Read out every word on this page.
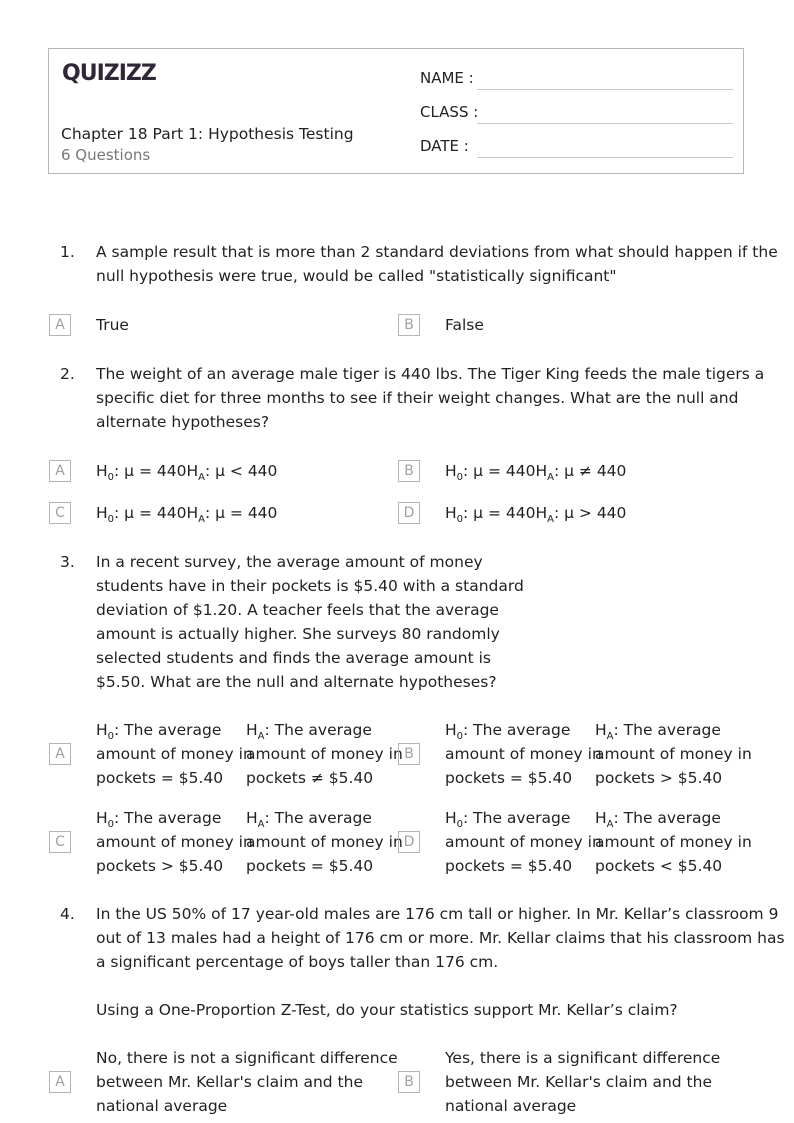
QUIZIZZ
Chapter 18 Part 1: Hypothesis Testing
6 Questions
NAME :
CLASS :
DATE :
1. A sample result that is more than 2 standard deviations from what should happen if the
null hypothesis were true, would be called "statistically significant"
A	True	B	False
2. The weight of an average male tiger is 440 lbs. The Tiger King feeds the male tigers a
specific diet for three months to see if their weight changes. What are the null and
alternate hypotheses?
A	$H_0$: $\mu = 440H_A$: μ < 440	B	$H_0$: $\mu = 440H_A$: μ ≠ 440
C	$H_0$: $\mu = 440H_A$: μ = 440	D	$H_0$: $\mu = 440H_A$: μ > 440
3. In a recent survey, the average amount of money
students have in their pockets is $5.40 with a standard
deviation of $1.20. A teacher feels that the average
amount is actually higher. She surveys 80 randomly
selected students and finds the average amount is
$5.50. What are the null and alternate hypotheses?
A
$H_0$: The average
amount of money in
pockets = $5.40
$H_A$: The average
amount of money in
pockets ≠ $5.40
B
$H_0$: The average
amount of money in
pockets = $5.40
$H_A$: The average
amount of money in
pockets > $5.40
C
$H_0$: The average
amount of money in
pockets > $5.40
$H_A$: The average
amount of money in
pockets = $5.40
D
$H_0$: The average
amount of money in
pockets = $5.40
$H_A$: The average
amount of money in
pockets < $5.40
4. In the US 50% of 17 year-old males are 176 cm tall or higher. In Mr. Kellar’s classroom 9
out of 13 males had a height of 176 cm or more. Mr. Kellar claims that his classroom has
a significant percentage of boys taller than 176 cm.
Using a One-Proportion Z-Test, do your statistics support Mr. Kellar’s claim?
A
No, there is not a significant difference
between Mr. Kellar's claim and the
national average
B
Yes, there is a significant difference
between Mr. Kellar's claim and the
national average
